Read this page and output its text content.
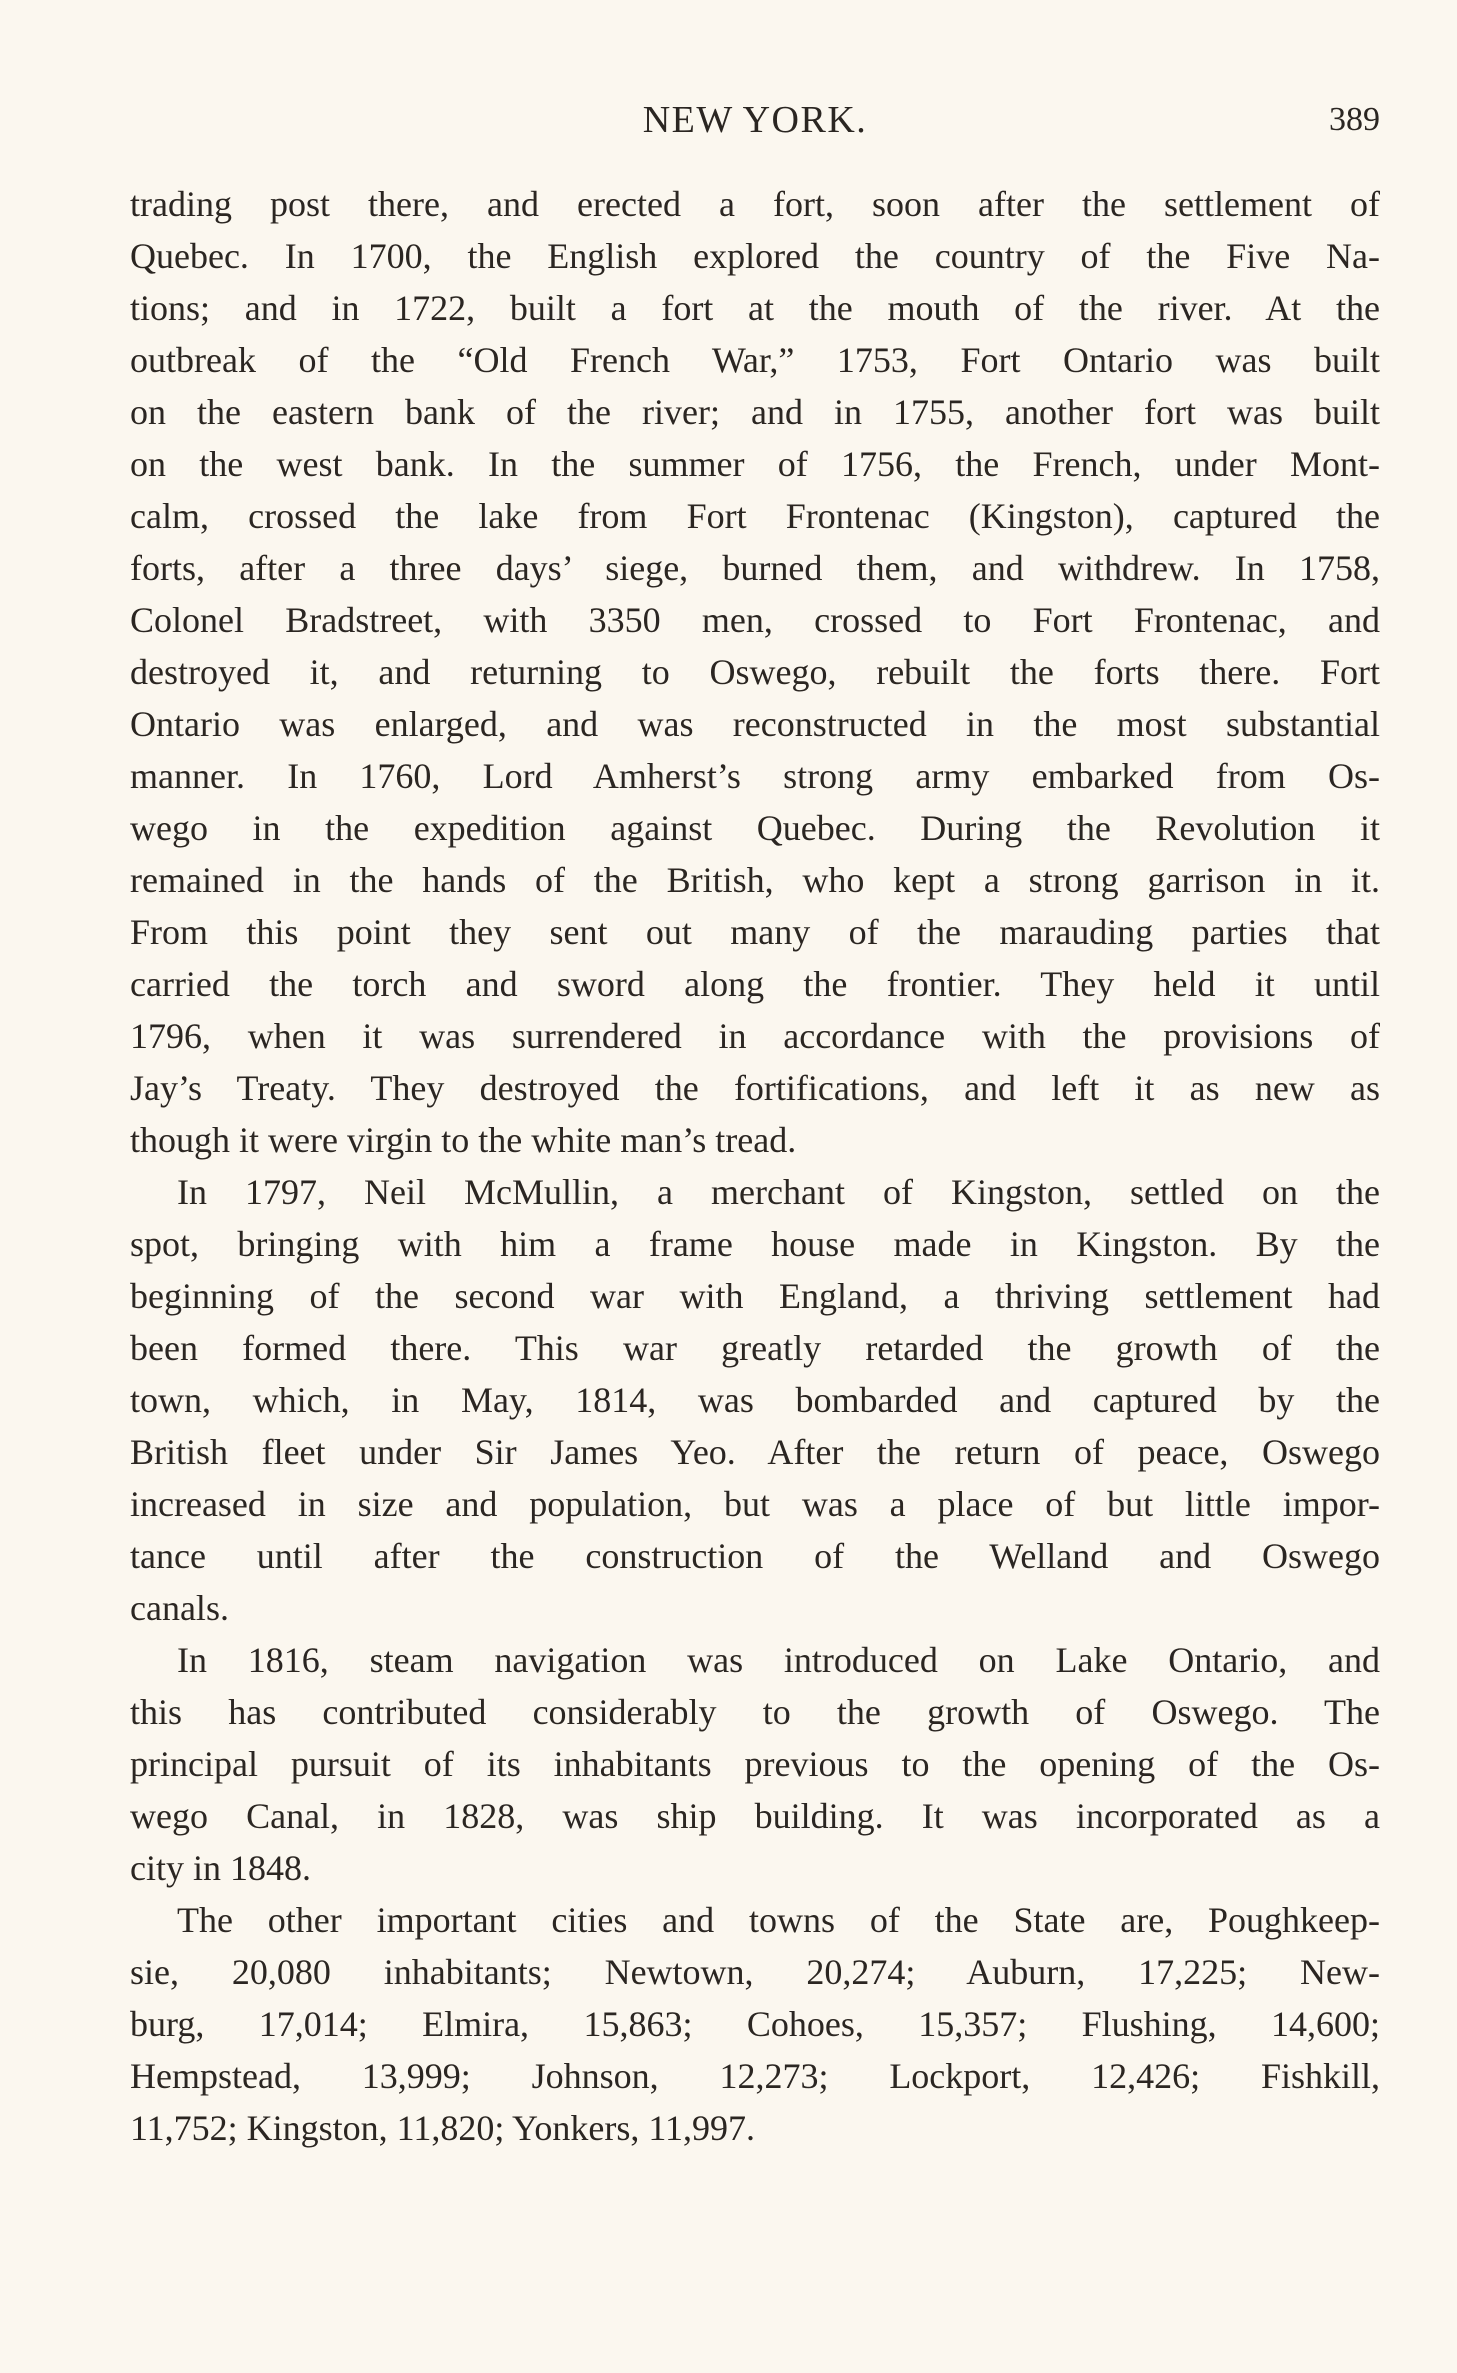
NEW YORK.	389
trading post there, and erected a fort, soon after the settlement of
Quebec. In 1700, the English explored the country of the Five Na-
tions; and in 1722, built a fort at the mouth of the river. At the
outbreak of the “Old French War,” 1753, Fort Ontario was built
on the eastern bank of the river; and in 1755, another fort was built
on the west bank. In the summer of 1756, the French, under Mont-
calm, crossed the lake from Fort Frontenac (Kingston), captured the
forts, after a three days’ siege, burned them, and withdrew. In 1758,
Colonel Bradstreet, with 3350 men, crossed to Fort Frontenac, and
destroyed it, and returning to Oswego, rebuilt the forts there. Fort
Ontario was enlarged, and was reconstructed in the most substantial
manner. In 1760, Lord Amherst’s strong army embarked from Os-
wego in the expedition against Quebec. During the Revolution it
remained in the hands of the British, who kept a strong garrison in it.
From this point they sent out many of the marauding parties that
carried the torch and sword along the frontier. They held it until
1796, when it was surrendered in accordance with the provisions of
Jay’s Treaty. They destroyed the fortifications, and left it as new as
though it were virgin to the white man’s tread.
In 1797, Neil McMullin, a merchant of Kingston, settled on the
spot, bringing with him a frame house made in Kingston. By the
beginning of the second war with England, a thriving settlement had
been formed there. This war greatly retarded the growth of the
town, which, in May, 1814, was bombarded and captured by the
British fleet under Sir James Yeo. After the return of peace, Oswego
increased in size and population, but was a place of but little impor-
tance until after the construction of the Welland and Oswego
canals.
In 1816, steam navigation was introduced on Lake Ontario, and
this has contributed considerably to the growth of Oswego. The
principal pursuit of its inhabitants previous to the opening of the Os-
wego Canal, in 1828, was ship building. It was incorporated as a
city in 1848.
The other important cities and towns of the State are, Poughkeep-
sie, 20,080 inhabitants; Newtown, 20,274; Auburn, 17,225; New-
burg, 17,014; Elmira, 15,863; Cohoes, 15,357; Flushing, 14,600;
Hempstead, 13,999; Johnson, 12,273; Lockport, 12,426; Fishkill,
11,752; Kingston, 11,820; Yonkers, 11,997.
